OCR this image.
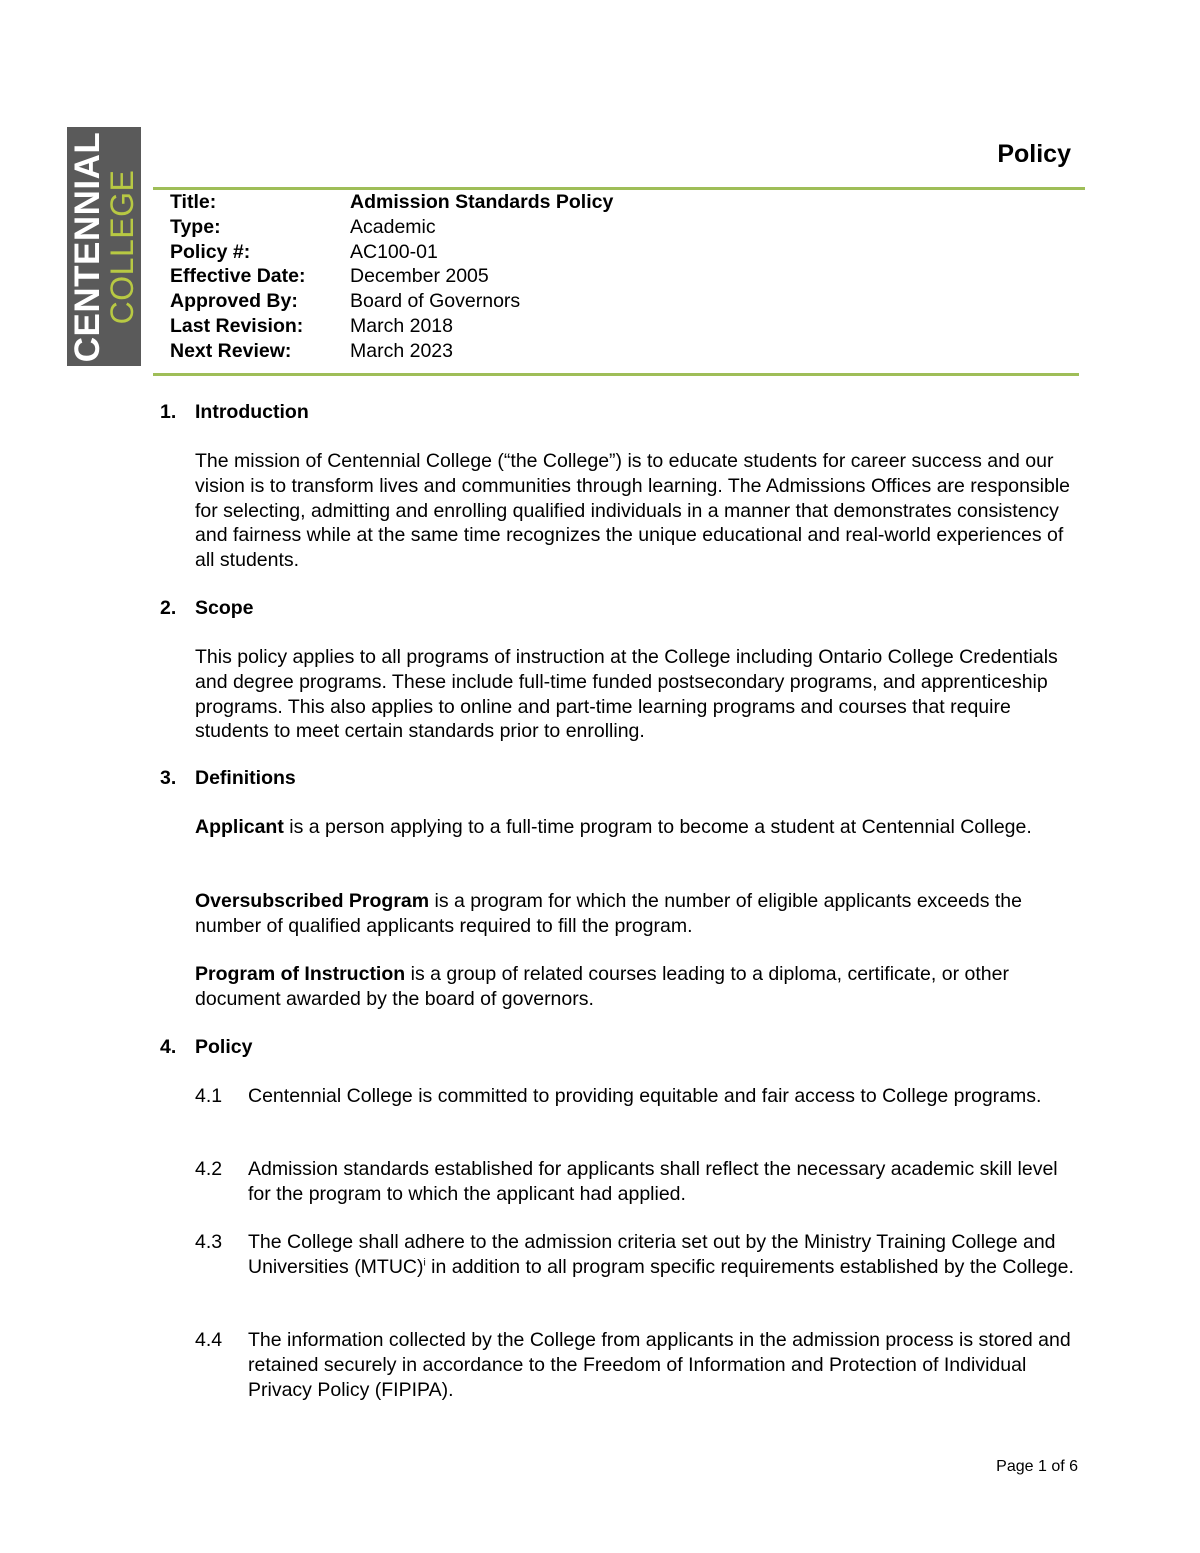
CENTENNIAL
COLLEGE
Policy
Title:	Admission Standards Policy
Type:	Academic
Policy #:	AC100-01
Effective Date:	December 2005
Approved By:	Board of Governors
Last Revision:	March 2018
Next Review:	March 2023
1. Introduction
The mission of Centennial College (“the College”) is to educate students for career success and our vision is to transform lives and communities through learning. The Admissions Offices are responsible for selecting, admitting and enrolling qualified individuals in a manner that demonstrates consistency and fairness while at the same time recognizes the unique educational and real-world experiences of all students.
2. Scope
This policy applies to all programs of instruction at the College including Ontario College Credentials and degree programs. These include full-time funded postsecondary programs, and apprenticeship programs. This also applies to online and part-time learning programs and courses that require students to meet certain standards prior to enrolling.
3. Definitions
Applicant is a person applying to a full-time program to become a student at Centennial College.
Oversubscribed Program is a program for which the number of eligible applicants exceeds the number of qualified applicants required to fill the program.
Program of Instruction is a group of related courses leading to a diploma, certificate, or other document awarded by the board of governors.
4. Policy
4.1 Centennial College is committed to providing equitable and fair access to College programs.
4.2 Admission standards established for applicants shall reflect the necessary academic skill level for the program to which the applicant had applied.
4.3 The College shall adhere to the admission criteria set out by the Ministry Training College and Universities (MTUC)$^i$ in addition to all program specific requirements established by the College.
4.4 The information collected by the College from applicants in the admission process is stored and retained securely in accordance to the Freedom of Information and Protection of Individual Privacy Policy (FIPIPA).
Page 1 of 6
